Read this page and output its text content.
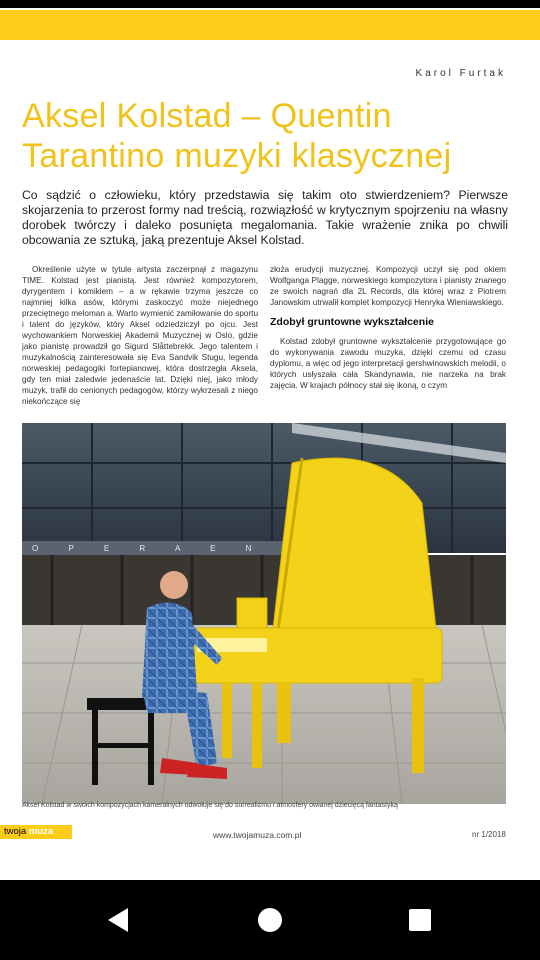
Karol Furtak
Aksel Kolstad – Quentin Tarantino muzyki klasycznej

Co sądzić o człowieku, który przedstawia się takim oto stwierdzeniem? Pierwsze skojarzenia to przerost formy nad treścią, rozwiązłość w krytycznym spojrzeniu na własny dorobek twórczy i daleko posunięta megalomania. Takie wrażenie znika po chwili obcowania ze sztuką, jaką prezentuje Aksel Kolstad.

Określenie użyte w tytule artysta zaczerpnął z magazynu TIME. Kolstad jest pianistą. Jest również kompozytorem, dyrygentem i komikiem – a w rękawie trzyma jeszcze co najmniej kilka asów, którymi zaskoczyć może niejednego przeciętnego meloman a. Warto wymienić zamiłowanie do sportu i talent do języków, który Aksel odziedziczył po ojcu. Jest wychowankiem Norweskiej Akademii Muzycznej w Oslo, gdzie jako pianistę prowadził go Sigurd Slåttebrekk. Jego talentem i muzykalnością zainteresowała się Eva Sandvik Stugu, legenda norweskiej pedagogiki fortepianowej, która dostrzegła Aksela, gdy ten miał zaledwie jedenaście lat. Dzięki niej, jako młody muzyk, trafił do cenionych pedagogów, którzy wykrzesali z niego niekończące się

złoża erudycji muzycznej. Kompozycji uczył się pod okiem Wolfganga Plagge, norweskiego kompozytora i pianisty znanego ze swoich nagrań dla 2L Records, dla której wraz z Piotrem Janowskim utrwalił komplet kompozycji Henryka Wieniawskiego.

Zdobył gruntowne wykształcenie

Kolstad zdobył gruntowne wykształcenie przygotowujące go do wykonywania zawodu muzyka, dzięki czemu od czasu dyplomu, a więc od jego interpretacji gershwinowskich melodii, o których usłyszała cała Skandynawia, nie narzeka na brak zajęcia. W krajach północy stał się ikoną, o czym

O P E R A E N
Aksel Kolstad w swoich kompozycjach kameralnych odwołuje się do surrealizmu i atmosfery owianej dziecięcą fantastyką
twoja muza	www.twojamuza.com.pl	nr 1/2018
